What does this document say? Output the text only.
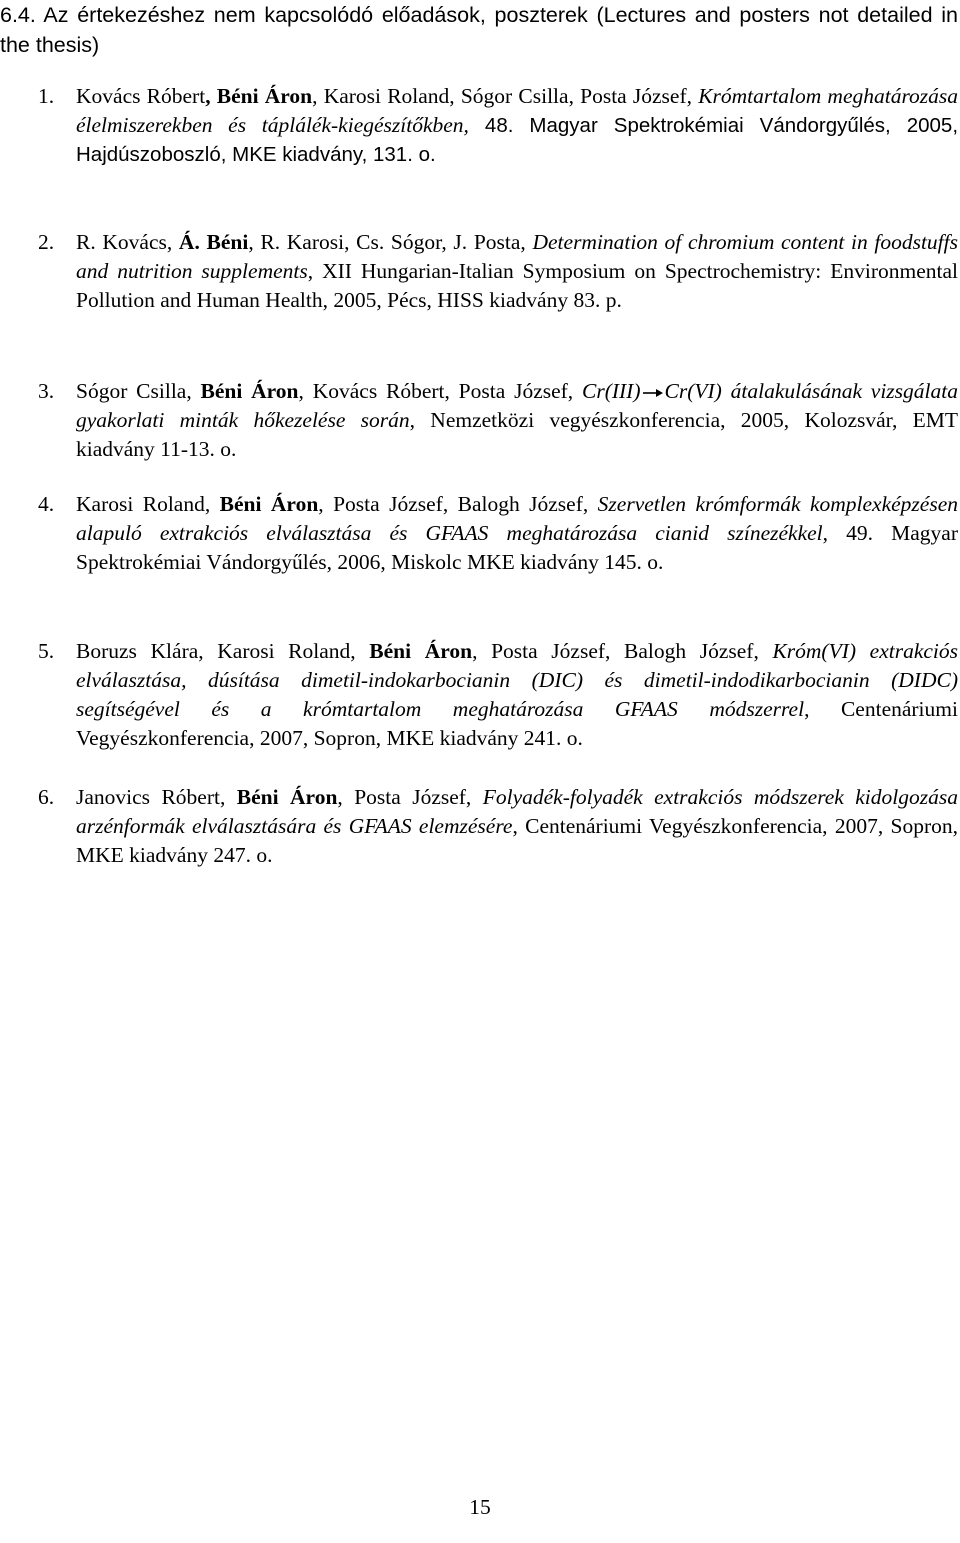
6.4. Az értekezéshez nem kapcsolódó előadások, poszterek (Lectures and posters not detailed in the thesis)
1. Kovács Róbert, Béni Áron, Karosi Roland, Sógor Csilla, Posta József, Krómtartalom meghatározása élelmiszerekben és táplálék-kiegészítőkben, 48. Magyar Spektrokémiai Vándorgyűlés, 2005, Hajdúszoboszló, MKE kiadvány, 131. o.

2. R. Kovács, Á. Béni, R. Karosi, Cs. Sógor, J. Posta, Determination of chromium content in foodstuffs and nutrition supplements, XII Hungarian-Italian Symposium on Spectrochemistry: Environmental Pollution and Human Health, 2005, Pécs, HISS kiadvány 83. p.

3. Sógor Csilla, Béni Áron, Kovács Róbert, Posta József, Cr(III) Cr(VI) átalakulásának vizsgálata gyakorlati minták hőkezelése során, Nemzetközi vegyészkonferencia, 2005, Kolozsvár, EMT kiadvány 11-13. o.

4. Karosi Roland, Béni Áron, Posta József, Balogh József, Szervetlen krómformák komplexképzésen alapuló extrakciós elválasztása és GFAAS meghatározása cianid színezékkel, 49. Magyar Spektrokémiai Vándorgyűlés, 2006, Miskolc MKE kiadvány 145. o.

5. Boruzs Klára, Karosi Roland, Béni Áron, Posta József, Balogh József, Króm(VI) extrakciós elválasztása, dúsítása dimetil-indokarbocianin (DIC) és dimetil-indodikarbocianin (DIDC) segítségével és a krómtartalom meghatározása GFAAS módszerrel, Centenáriumi Vegyészkonferencia, 2007, Sopron, MKE kiadvány 241. o.

6. Janovics Róbert, Béni Áron, Posta József, Folyadék-folyadék extrakciós módszerek kidolgozása arzénformák elválasztására és GFAAS elemzésére, Centenáriumi Vegyészkonferencia, 2007, Sopron, MKE kiadvány 247. o.

15
